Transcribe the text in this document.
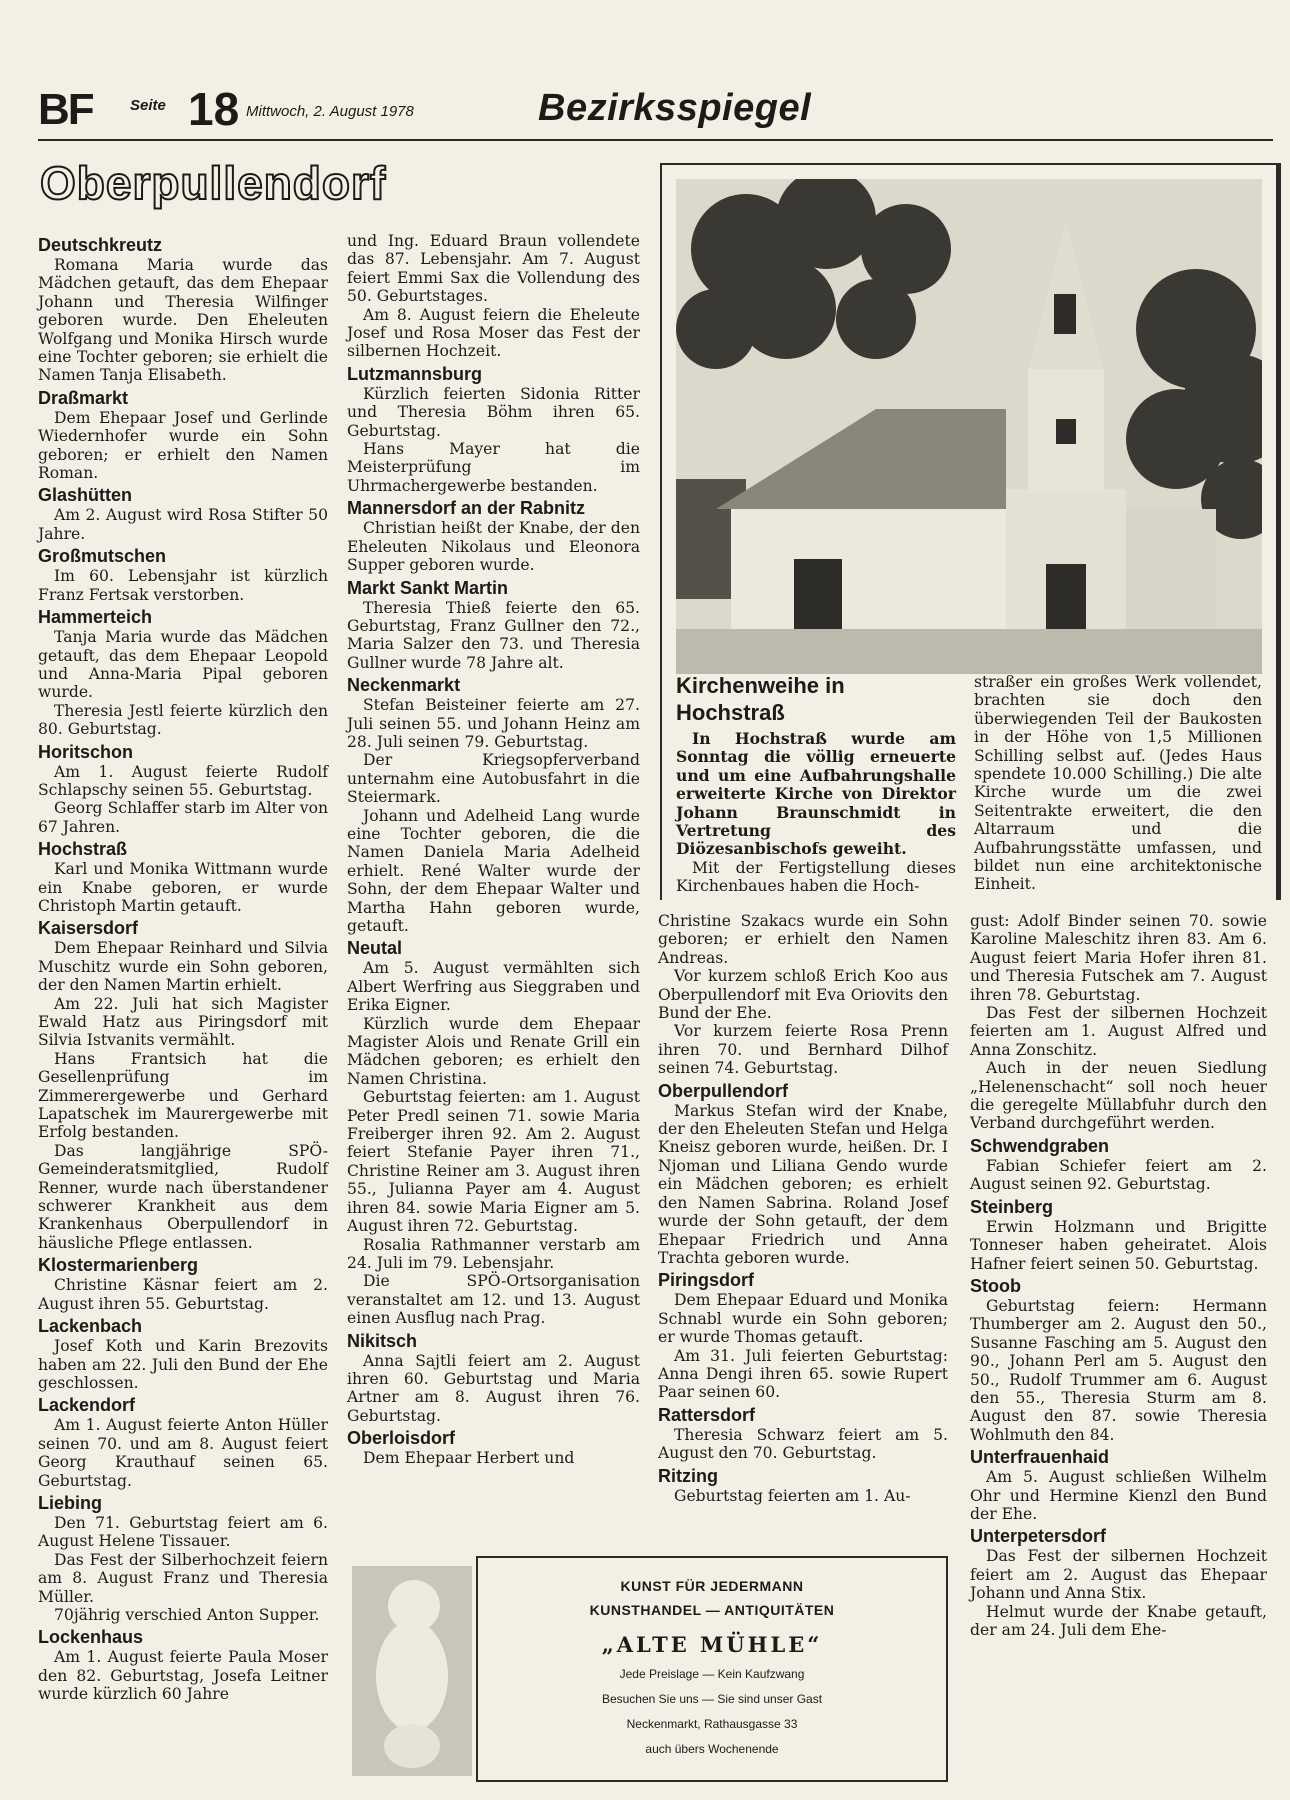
BF Seite 18 Mittwoch, 2. August 1978	Bezirksspiegel
Oberpullendorf
Deutschkreutz

Romana Maria wurde das Mädchen getauft, das dem Ehepaar Johann und Theresia Wilfinger geboren wurde. Den Eheleuten Wolfgang und Monika Hirsch wurde eine Tochter geboren; sie erhielt die Namen Tanja Elisabeth.

Draßmarkt

Dem Ehepaar Josef und Gerlinde Wiedernhofer wurde ein Sohn geboren; er erhielt den Namen Roman.

Glashütten

Am 2. August wird Rosa Stifter 50 Jahre.

Großmutschen

Im 60. Lebensjahr ist kürzlich Franz Fertsak verstorben.

Hammerteich

Tanja Maria wurde das Mädchen getauft, das dem Ehepaar Leopold und Anna-Maria Pipal geboren wurde.

Theresia Jestl feierte kürzlich den 80. Geburtstag.

Horitschon

Am 1. August feierte Rudolf Schlapschy seinen 55. Geburtstag.

Georg Schlaffer starb im Alter von 67 Jahren.

Hochstraß

Karl und Monika Wittmann wurde ein Knabe geboren, er wurde Christoph Martin getauft.

Kaisersdorf

Dem Ehepaar Reinhard und Silvia Muschitz wurde ein Sohn geboren, der den Namen Martin erhielt.

Am 22. Juli hat sich Magister Ewald Hatz aus Piringsdorf mit Silvia Istvanits vermählt.

Hans Frantsich hat die Gesellenprüfung im Zimmerergewerbe und Gerhard Lapatschek im Maurergewerbe mit Erfolg bestanden.

Das langjährige SPÖ-Gemeinderatsmitglied, Rudolf Renner, wurde nach überstandener schwerer Krankheit aus dem Krankenhaus Oberpullendorf in häusliche Pflege entlassen.

Klostermarienberg

Christine Käsnar feiert am 2. August ihren 55. Geburtstag.

Lackenbach

Josef Koth und Karin Brezovits haben am 22. Juli den Bund der Ehe geschlossen.

Lackendorf

Am 1. August feierte Anton Hüller seinen 70. und am 8. August feiert Georg Krauthauf seinen 65. Geburtstag.

Liebing

Den 71. Geburtstag feiert am 6. August Helene Tissauer.

Das Fest der Silberhochzeit feiern am 8. August Franz und Theresia Müller.

70jährig verschied Anton Supper.

Lockenhaus

Am 1. August feierte Paula Moser den 82. Geburtstag, Josefa Leitner wurde kürzlich 60 Jahre

und Ing. Eduard Braun vollendete das 87. Lebensjahr. Am 7. August feiert Emmi Sax die Vollendung des 50. Geburtstages.

Am 8. August feiern die Eheleute Josef und Rosa Moser das Fest der silbernen Hochzeit.

Lutzmannsburg

Kürzlich feierten Sidonia Ritter und Theresia Böhm ihren 65. Geburtstag.

Hans Mayer hat die Meisterprüfung im Uhrmachergewerbe bestanden.

Mannersdorf an der Rabnitz

Christian heißt der Knabe, der den Eheleuten Nikolaus und Eleonora Supper geboren wurde.

Markt Sankt Martin

Theresia Thieß feierte den 65. Geburtstag, Franz Gullner den 72., Maria Salzer den 73. und Theresia Gullner wurde 78 Jahre alt.

Neckenmarkt

Stefan Beisteiner feierte am 27. Juli seinen 55. und Johann Heinz am 28. Juli seinen 79. Geburtstag.

Der Kriegsopferverband unternahm eine Autobusfahrt in die Steiermark.

Johann und Adelheid Lang wurde eine Tochter geboren, die die Namen Daniela Maria Adelheid erhielt. René Walter wurde der Sohn, der dem Ehepaar Walter und Martha Hahn geboren wurde, getauft.

Neutal

Am 5. August vermählten sich Albert Werfring aus Sieggraben und Erika Eigner.

Kürzlich wurde dem Ehepaar Magister Alois und Renate Grill ein Mädchen geboren; es erhielt den Namen Christina.

Geburtstag feierten: am 1. August Peter Predl seinen 71. sowie Maria Freiberger ihren 92. Am 2. August feiert Stefanie Payer ihren 71., Christine Reiner am 3. August ihren 55., Julianna Payer am 4. August ihren 84. sowie Maria Eigner am 5. August ihren 72. Geburtstag.

Rosalia Rathmanner verstarb am 24. Juli im 79. Lebensjahr.

Die SPÖ-Ortsorganisation veranstaltet am 12. und 13. August einen Ausflug nach Prag.

Nikitsch

Anna Sajtli feiert am 2. August ihren 60. Geburtstag und Maria Artner am 8. August ihren 76. Geburtstag.

Oberloisdorf

Dem Ehepaar Herbert und

Christine Szakacs wurde ein Sohn geboren; er erhielt den Namen Andreas.

Vor kurzem schloß Erich Koo aus Oberpullendorf mit Eva Oriovits den Bund der Ehe.

Vor kurzem feierte Rosa Prenn ihren 70. und Bernhard Dilhof seinen 74. Geburtstag.

Oberpullendorf

Markus Stefan wird der Knabe, der den Eheleuten Stefan und Helga Kneisz geboren wurde, heißen. Dr. I Njoman und Liliana Gendo wurde ein Mädchen geboren; es erhielt den Namen Sabrina. Roland Josef wurde der Sohn getauft, der dem Ehepaar Friedrich und Anna Trachta geboren wurde.

Piringsdorf

Dem Ehepaar Eduard und Monika Schnabl wurde ein Sohn geboren; er wurde Thomas getauft.

Am 31. Juli feierten Geburtstag: Anna Dengi ihren 65. sowie Rupert Paar seinen 60.

Rattersdorf

Theresia Schwarz feiert am 5. August den 70. Geburtstag.

Ritzing

Geburtstag feierten am 1. Au-

gust: Adolf Binder seinen 70. sowie Karoline Maleschitz ihren 83. Am 6. August feiert Maria Hofer ihren 81. und Theresia Futschek am 7. August ihren 78. Geburtstag.

Das Fest der silbernen Hochzeit feierten am 1. August Alfred und Anna Zonschitz.

Auch in der neuen Siedlung „Helenenschacht“ soll noch heuer die geregelte Müllabfuhr durch den Verband durchgeführt werden.

Schwendgraben

Fabian Schiefer feiert am 2. August seinen 92. Geburtstag.

Steinberg

Erwin Holzmann und Brigitte Tonneser haben geheiratet. Alois Hafner feiert seinen 50. Geburtstag.

Stoob

Geburtstag feiern: Hermann Thumberger am 2. August den 50., Susanne Fasching am 5. August den 90., Johann Perl am 5. August den 50., Rudolf Trummer am 6. August den 55., Theresia Sturm am 8. August den 87. sowie Theresia Wohlmuth den 84.

Unterfrauenhaid

Am 5. August schließen Wilhelm Ohr und Hermine Kienzl den Bund der Ehe.

Unterpetersdorf

Das Fest der silbernen Hochzeit feiert am 2. August das Ehepaar Johann und Anna Stix.

Helmut wurde der Knabe getauft, der am 24. Juli dem Ehe-

Kirchenweihe in Hochstraß

In Hochstraß wurde am Sonntag die völlig erneuerte und um eine Aufbahrungshalle erweiterte Kirche von Direktor Johann Braunschmidt in Vertretung des Diözesanbischofs geweiht.

Mit der Fertigstellung dieses Kirchenbaues haben die Hoch-

straßer ein großes Werk vollendet, brachten sie doch den überwiegenden Teil der Baukosten in der Höhe von 1,5 Millionen Schilling selbst auf. (Jedes Haus spendete 10.000 Schilling.) Die alte Kirche wurde um die zwei Seitentrakte erweitert, die den Altarraum und die Aufbahrungsstätte umfassen, und bildet nun eine architektonische Einheit.

KUNST FÜR JEDERMANN
KUNSTHANDEL — ANTIQUITÄTEN
„ALTE MÜHLE“
Jede Preislage — Kein Kaufzwang
Besuchen Sie uns — Sie sind unser Gast
Neckenmarkt, Rathausgasse 33
auch übers Wochenende
